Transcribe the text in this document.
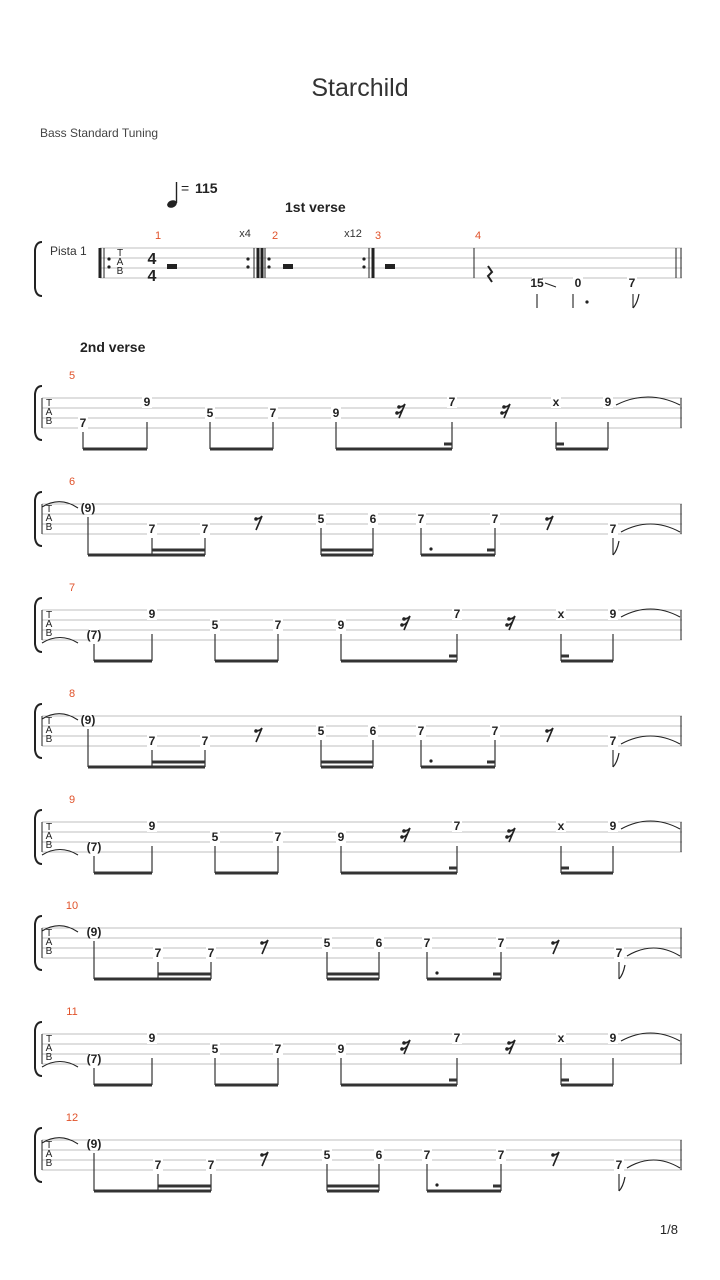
Starchild
Bass Standard Tuning
= 115
1st verse
2nd verse
Pista 1
1/8
T
A
B
4
4
1	x4 2	x12 3	4
15	0	7
T
A
B
5
7
9
5	7	9
7	x	9
T
A
B
6
(9)
7	7
5	6	7	7
7
T
A
B
7
(7)
9
5	7	9
7	x	9
T
A
B
8
(9)
7	7
5	6	7	7
7
T
A
B
9
(7)
9
5	7	9
7	x	9
T
A
B
10
(9)
7	7
5	6	7	7
7
T
A
B
11
(7)
9
5	7	9
7	x	9
T
A
B
12
(9)
7	7
5	6	7	7
7
